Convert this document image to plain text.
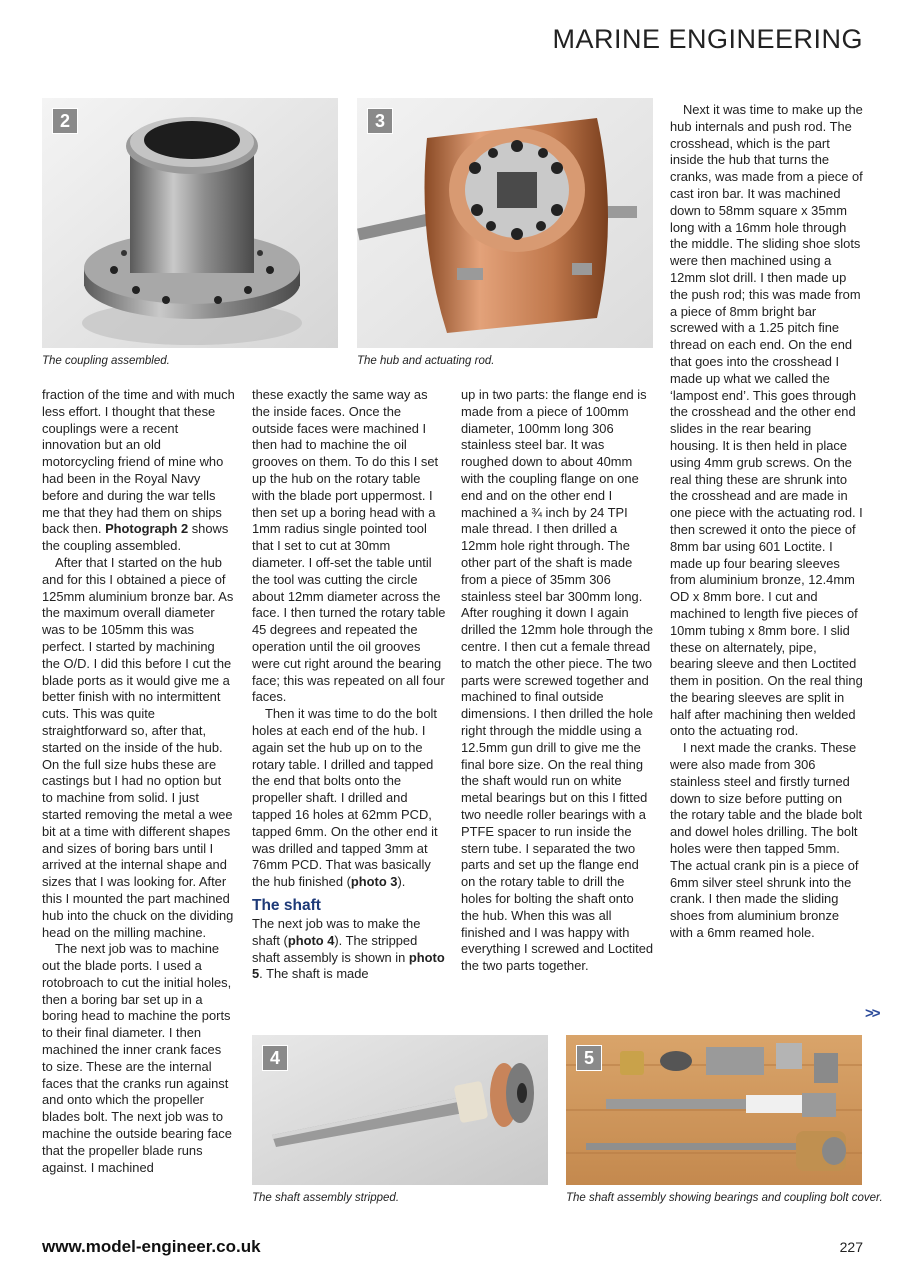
MARINE ENGINEERING
2
The coupling assembled.
3
The hub and actuating rod.

fraction of the time and with much less effort. I thought that these couplings were a recent innovation but an old motorcycling friend of mine who had been in the Royal Navy before and during the war tells me that they had them on ships back then. Photograph 2 shows the coupling assembled.

After that I started on the hub and for this I obtained a piece of 125mm aluminium bronze bar. As the maximum overall diameter was to be 105mm this was perfect. I started by machining the O/D. I did this before I cut the blade ports as it would give me a better finish with no intermittent cuts. This was quite straightforward so, after that, started on the inside of the hub. On the full size hubs these are castings but I had no option but to machine from solid. I just started removing the metal a wee bit at a time with different shapes and sizes of boring bars until I arrived at the internal shape and sizes that I was looking for. After this I mounted the part machined hub into the chuck on the dividing head on the milling machine.

The next job was to machine out the blade ports. I used a rotobroach to cut the initial holes, then a boring bar set up in a boring head to machine the ports to their final diameter. I then machined the inner crank faces to size. These are the internal faces that the cranks run against and onto which the propeller blades bolt. The next job was to machine the outside bearing face that the propeller blade runs against. I machined

these exactly the same way as the inside faces. Once the outside faces were machined I then had to machine the oil grooves on them. To do this I set up the hub on the rotary table with the blade port uppermost. I then set up a boring head with a 1mm radius single pointed tool that I set to cut at 30mm diameter. I off-set the table until the tool was cutting the circle about 12mm diameter across the face. I then turned the rotary table 45 degrees and repeated the operation until the oil grooves were cut right around the bearing face; this was repeated on all four faces.

Then it was time to do the bolt holes at each end of the hub. I again set the hub up on to the rotary table. I drilled and tapped the end that bolts onto the propeller shaft. I drilled and tapped 16 holes at 62mm PCD, tapped 6mm. On the other end it was drilled and tapped 3mm at 76mm PCD. That was basically the hub finished (photo 3).

The shaft

The next job was to make the shaft (photo 4). The stripped shaft assembly is shown in photo 5. The shaft is made

up in two parts: the flange end is made from a piece of 100mm diameter, 100mm long 306 stainless steel bar. It was roughed down to about 40mm with the coupling flange on one end and on the other end I machined a ¾ inch by 24 TPI male thread. I then drilled a 12mm hole right through. The other part of the shaft is made from a piece of 35mm 306 stainless steel bar 300mm long. After roughing it down I again drilled the 12mm hole through the centre. I then cut a female thread to match the other piece. The two parts were screwed together and machined to final outside dimensions. I then drilled the hole right through the middle using a 12.5mm gun drill to give me the final bore size. On the real thing the shaft would run on white metal bearings but on this I fitted two needle roller bearings with a PTFE spacer to run inside the stern tube. I separated the two parts and set up the flange end on the rotary table to drill the holes for bolting the shaft onto the hub. When this was all finished and I was happy with everything I screwed and Loctited the two parts together.

Next it was time to make up the hub internals and push rod. The crosshead, which is the part inside the hub that turns the cranks, was made from a piece of cast iron bar. It was machined down to 58mm square x 35mm long with a 16mm hole through the middle. The sliding shoe slots were then machined using a 12mm slot drill. I then made up the push rod; this was made from a piece of 8mm bright bar screwed with a 1.25 pitch fine thread on each end. On the end that goes into the crosshead I made up what we called the ‘lampost end’. This goes through the crosshead and the other end slides in the rear bearing housing. It is then held in place using 4mm grub screws. On the real thing these are shrunk into the crosshead and are made in one piece with the actuating rod. I then screwed it onto the piece of 8mm bar using 601 Loctite. I made up four bearing sleeves from aluminium bronze, 12.4mm OD x 8mm bore. I cut and machined to length five pieces of 10mm tubing x 8mm bore. I slid these on alternately, pipe, bearing sleeve and then Loctited them in position. On the real thing the bearing sleeves are split in half after machining then welded onto the actuating rod.

I next made the cranks. These were also made from 306 stainless steel and firstly turned down to size before putting on the rotary table and the blade bolt and dowel holes drilling. The bolt holes were then tapped 5mm. The actual crank pin is a piece of 6mm silver steel shrunk into the crank. I then made the sliding shoes from aluminium bronze with a 6mm reamed hole.

>>
4
The shaft assembly stripped.
5
The shaft assembly showing bearings and coupling bolt cover.
www.model-engineer.co.uk	227
